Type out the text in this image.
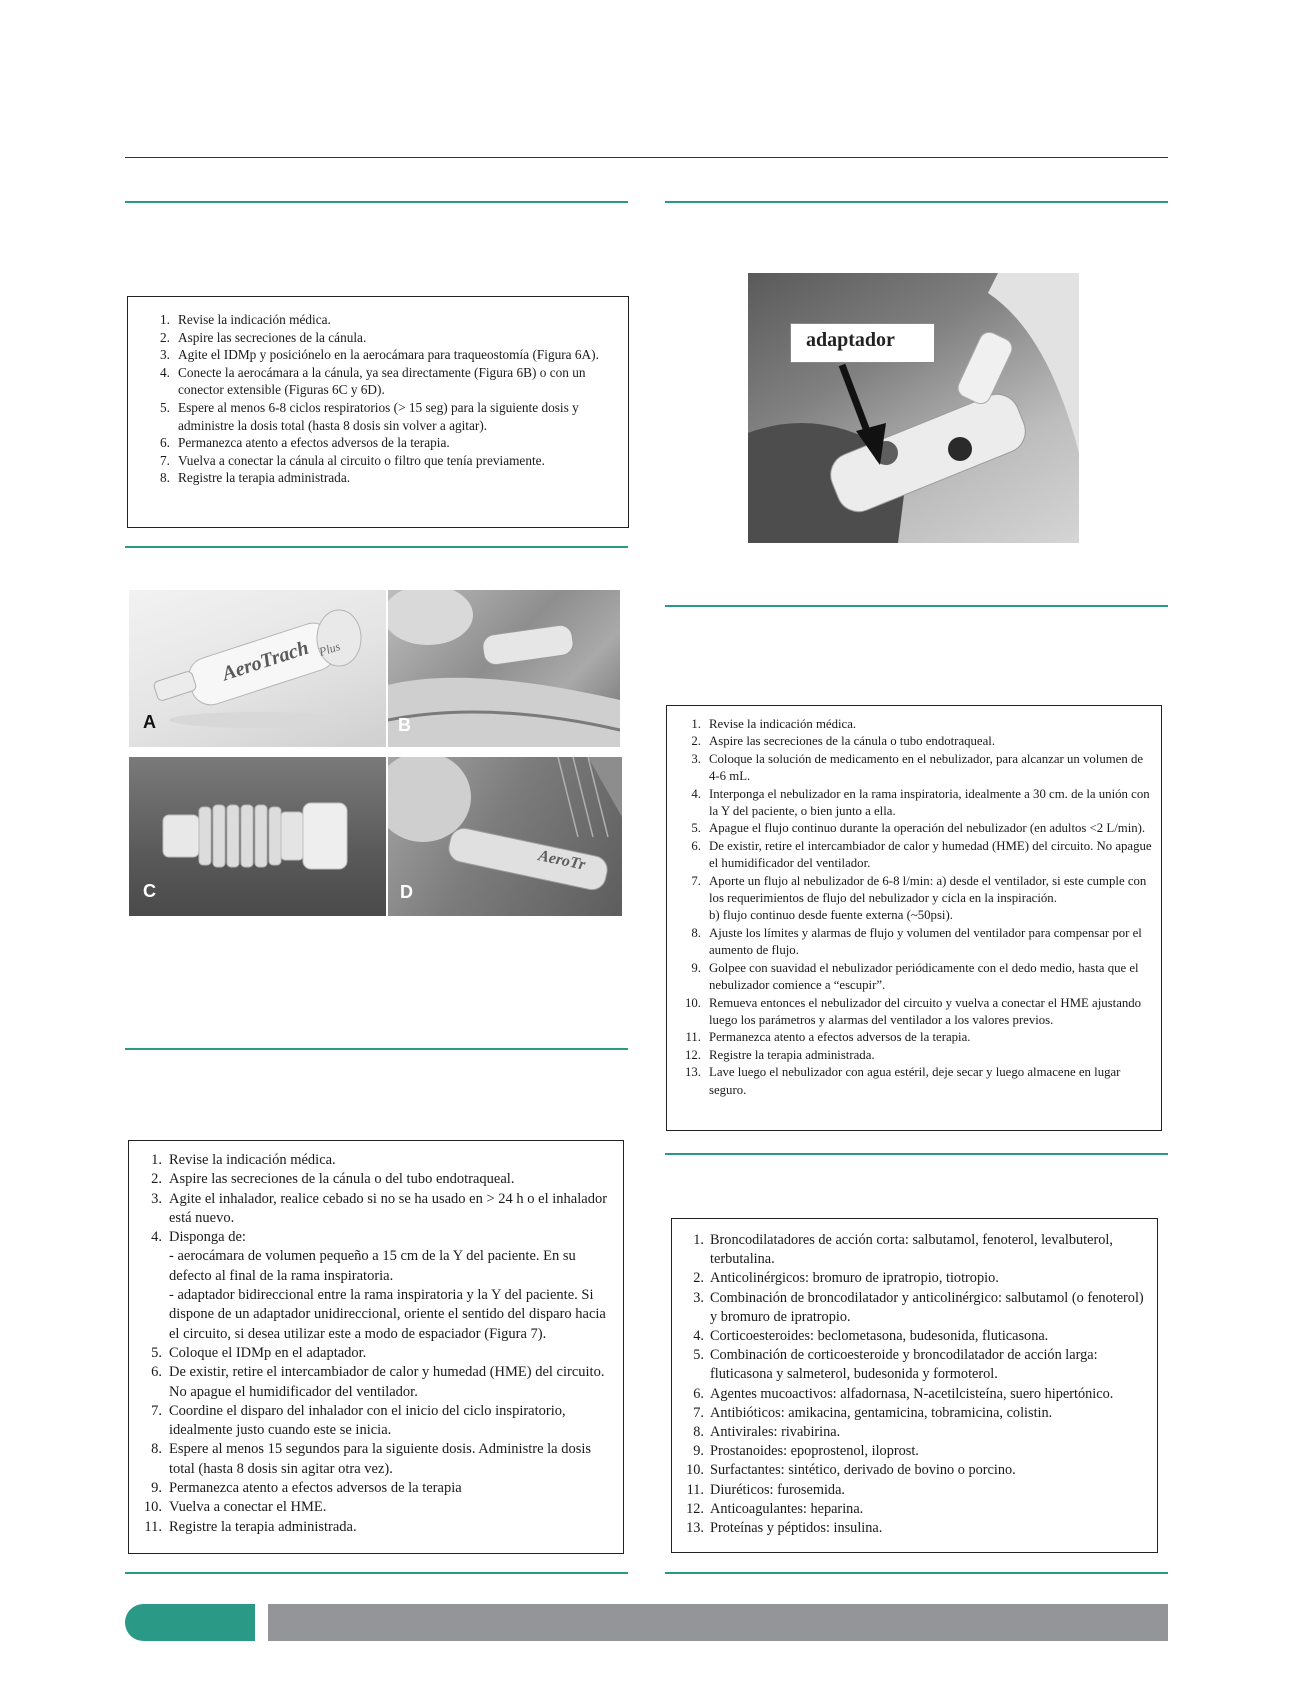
1. Revise la indicación médica.
2. Aspire las secreciones de la cánula.
3. Agite el IDMp y posiciónelo en la aerocámara para traqueostomía (Figura 6A).
4. Conecte la aerocámara a la cánula, ya sea directamente (Figura 6B) o con un conector extensible (Figuras 6C y 6D).
5. Espere al menos 6-8 ciclos respiratorios (> 15 seg) para la siguiente dosis y administre la dosis total (hasta 8 dosis sin volver a agitar).
6. Permanezca atento a efectos adversos de la terapia.
7. Vuelva a conectar la cánula al circuito o filtro que tenía previamente.
8. Registre la terapia administrada.
AeroTrach Plus
A	B
C
AeroTr
D
adaptador
1. Revise la indicación médica.
2. Aspire las secreciones de la cánula o tubo endotraqueal.
3. Coloque la solución de medicamento en el nebulizador, para alcanzar un volumen de 4-6 mL.
4. Interponga el nebulizador en la rama inspiratoria, idealmente a 30 cm. de la unión con la Y del paciente, o bien junto a ella.
5. Apague el flujo continuo durante la operación del nebulizador (en adultos <2 L/min).
6. De existir, retire el intercambiador de calor y humedad (HME) del circuito. No apague el humidificador del ventilador.
7. Aporte un flujo al nebulizador de 6-8 l/min: a) desde el ventilador, si este cumple con los requerimientos de flujo del nebulizador y cicla en la inspiración.
b) flujo continuo desde fuente externa (~50psi).
8. Ajuste los límites y alarmas de flujo y volumen del ventilador para compensar por el aumento de flujo.
9. Golpee con suavidad el nebulizador periódicamente con el dedo medio, hasta que el nebulizador comience a “escupir”.
10. Remueva entonces el nebulizador del circuito y vuelva a conectar el HME ajustando luego los parámetros y alarmas del ventilador a los valores previos.
11. Permanezca atento a efectos adversos de la terapia.
12. Registre la terapia administrada.
13. Lave luego el nebulizador con agua estéril, deje secar y luego almacene en lugar seguro.
1. Revise la indicación médica.
2. Aspire las secreciones de la cánula o del tubo endotraqueal.
3. Agite el inhalador, realice cebado si no se ha usado en > 24 h o el inhalador está nuevo.
4. Disponga de:
- aerocámara de volumen pequeño a 15 cm de la Y del paciente. En su defecto al final de la rama inspiratoria.
- adaptador bidireccional entre la rama inspiratoria y la Y del paciente. Si dispone de un adaptador unidireccional, oriente el sentido del disparo hacia el circuito, si desea utilizar este a modo de espaciador (Figura 7).
5. Coloque el IDMp en el adaptador.
6. De existir, retire el intercambiador de calor y humedad (HME) del circuito. No apague el humidificador del ventilador.
7. Coordine el disparo del inhalador con el inicio del ciclo inspiratorio, idealmente justo cuando este se inicia.
8. Espere al menos 15 segundos para la siguiente dosis. Administre la dosis total (hasta 8 dosis sin agitar otra vez).
9. Permanezca atento a efectos adversos de la terapia
10. Vuelva a conectar el HME.
11. Registre la terapia administrada.
1. Broncodilatadores de acción corta: salbutamol, fenoterol, levalbuterol, terbutalina.
2. Anticolinérgicos: bromuro de ipratropio, tiotropio.
3. Combinación de broncodilatador y anticolinérgico: salbutamol (o fenoterol) y bromuro de ipratropio.
4. Corticoesteroides: beclometasona, budesonida, fluticasona.
5. Combinación de corticoesteroide y broncodilatador de acción larga: fluticasona y salmeterol, budesonida y formoterol.
6. Agentes mucoactivos: alfadornasa, N-acetilcisteína, suero hipertónico.
7. Antibióticos: amikacina, gentamicina, tobramicina, colistin.
8. Antivirales: rivabirina.
9. Prostanoides: epoprostenol, iloprost.
10. Surfactantes: sintético, derivado de bovino o porcino.
11. Diuréticos: furosemida.
12. Anticoagulantes: heparina.
13. Proteínas y péptidos: insulina.
